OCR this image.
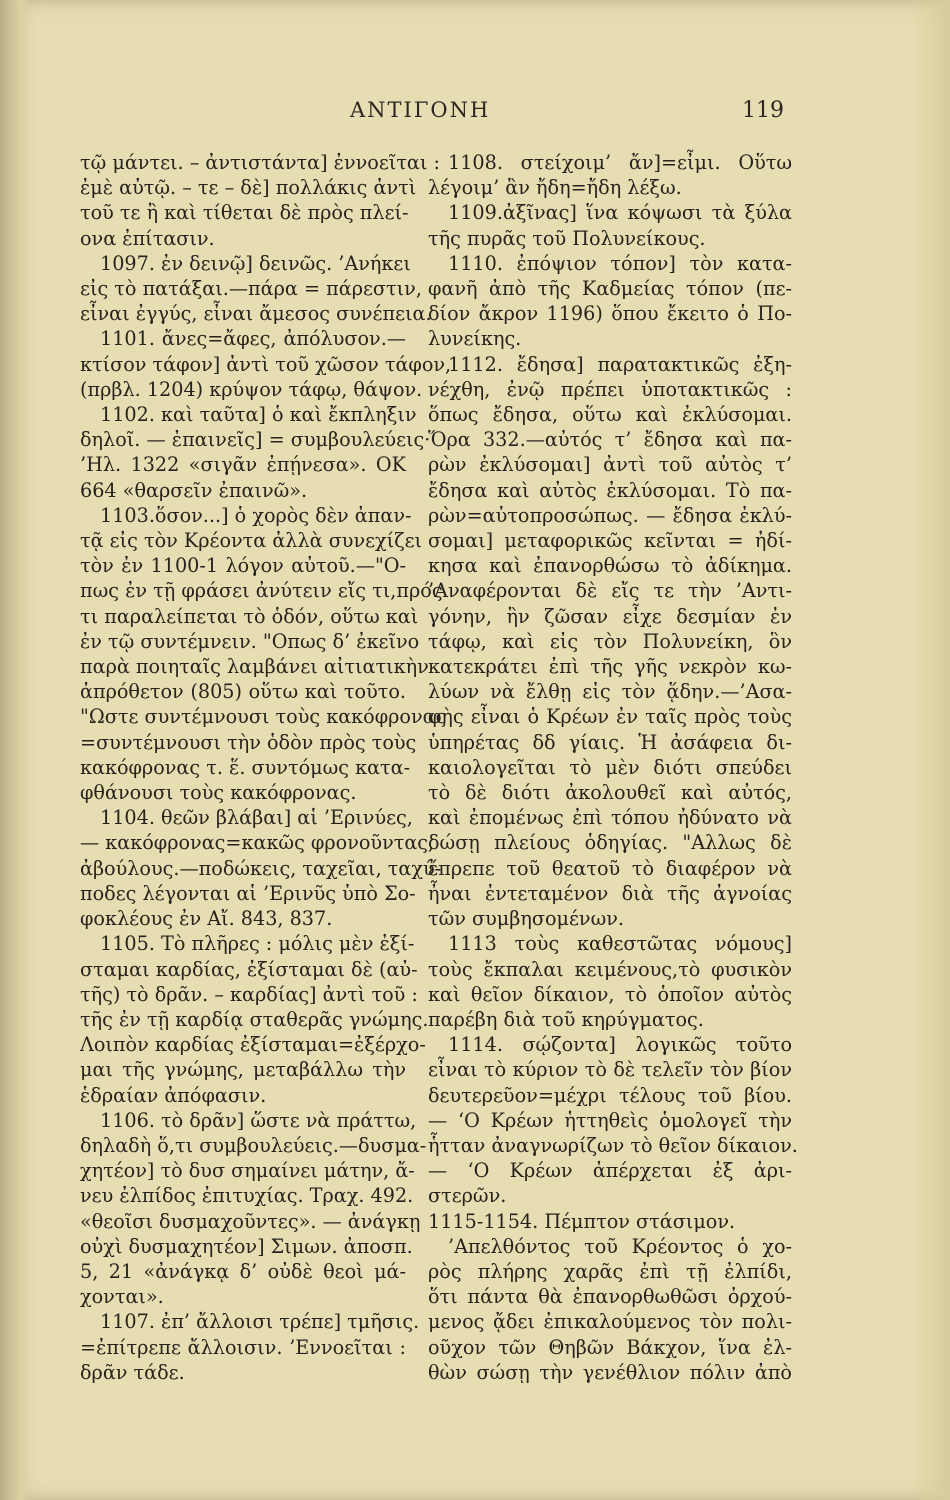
ΑΝΤΙΓΟΝΗ	119
τῷ μάντει. – ἀντιστάντα] ἐννοεῖται :
ἐμὲ αὐτῷ. – τε – δὲ] πολλάκις ἀντὶ
τοῦ τε ἢ καὶ τίθεται δὲ πρὸς πλεί-
ονα ἐπίτασιν.
1097. ἐν δεινῷ] δεινῶς. ’Ανήκει
εἰς τὸ πατάξαι.—πάρα = πάρεστιν,
εἶναι ἐγγύς, εἶναι ἄμεσος συνέπεια.
1101. ἄνες=ἄφες, ἀπόλυσον.—
κτίσον τάφον] ἀντὶ τοῦ χῶσον τάφον,
(πρβλ. 1204) κρύψον τάφῳ, θάψον.
1102. καὶ ταῦτα] ὁ καὶ ἔκπληξιν
δηλοῖ. — ἐπαινεῖς] = συμβουλεύεις·
’Ηλ. 1322 «σιγᾶν ἐπῄνεσα». ΟΚ
664 «θαρσεῖν ἐπαινῶ».
1103.ὅσον...] ὁ χορὸς δὲν ἀπαν-
τᾷ εἰς τὸν Κρέοντα ἀλλὰ συνεχίζει
τὸν ἐν 1100-1 λόγον αὐτοῦ.—"Ο-
πως ἐν τῇ φράσει ἀνύτειν εἴς τι,πρός
τι παραλείπεται τὸ ὁδόν, οὕτω καὶ
ἐν τῷ συντέμνειν. "Οπως δ’ ἐκεῖνο
παρὰ ποιηταῖς λαμβάνει αἰτιατικὴν
ἀπρόθετον (805) οὕτω καὶ τοῦτο.
"Ωστε συντέμνουσι τοὺς κακόφρονας
=συντέμνουσι τὴν ὁδὸν πρὸς τοὺς
κακόφρονας τ. ἕ. συντόμως κατα-
φθάνουσι τοὺς κακόφρονας.
1104. θεῶν βλάβαι] αἱ ’Ερινύες,
— κακόφρονας=κακῶς φρονοῦντας,
ἀβούλους.—ποδώκεις, ταχεῖαι, ταχύ-
ποδες λέγονται αἱ ’Ερινῦς ὑπὸ Σο-
φοκλέους ἐν Αἴ. 843, 837.
1105. Τὸ πλῆρες : μόλις μὲν ἐξί-
σταμαι καρδίας, ἐξίσταμαι δὲ (αὐ-
τῆς) τὸ δρᾶν. – καρδίας] ἀντὶ τοῦ :
τῆς ἐν τῇ καρδίᾳ σταθερᾶς γνώμης.
Λοιπὸν καρδίας ἐξίσταμαι=ἐξέρχο-
μαι τῆς γνώμης, μεταβάλλω τὴν
ἑδραίαν ἀπόφασιν.
1106. τὸ δρᾶν] ὥστε νὰ πράττω,
δηλαδὴ ὅ,τι συμβουλεύεις.—δυσμα-
χητέον] τὸ δυσ σημαίνει μάτην, ἄ-
νευ ἐλπίδος ἐπιτυχίας. Τραχ. 492.
«θεοῖσι δυσμαχοῦντες». — ἀνάγκῃ
οὐχὶ δυσμαχητέον] Σιμων. ἀποσπ.
5, 21 «ἀνάγκᾳ δ’ οὐδὲ θεοὶ μά-
χονται».
1107. ἐπ’ ἄλλοισι τρέπε] τμῆσις.
=ἐπίτρεπε ἄλλοισιν. ’Εννοεῖται :
δρᾶν τάδε.
1108. στείχοιμ’ ἄν]=εἶμι. Οὕτω
λέγοιμ’ ἂν ἤδη=ἤδη λέξω.
1109.ἀξῖνας] ἵνα κόψωσι τὰ ξύλα
τῆς πυρᾶς τοῦ Πολυνείκους.
1110. ἐπόψιον τόπον] τὸν κατα-
φανῆ ἀπὸ τῆς Καδμείας τόπον (πε-
δίον ἄκρον 1196) ὅπου ἔκειτο ὁ Πο-
λυνείκης.
1112. ἔδησα] παρατακτικῶς ἐξη-
νέχθη, ἐνῷ πρέπει ὑποτακτικῶς :
ὅπως ἔδησα, οὕτω καὶ ἐκλύσομαι.
Ὅρα 332.—αὐτός τ’ ἔδησα καὶ πα-
ρὼν ἐκλύσομαι] ἀντὶ τοῦ αὐτὸς τ’
ἔδησα καὶ αὐτὸς ἐκλύσομαι. Τὸ πα-
ρὼν=αὐτοπροσώπως. — ἔδησα ἐκλύ-
σομαι] μεταφορικῶς κεῖνται = ἠδί-
κησα καὶ ἐπανορθώσω τὸ ἀδίκημα.
’Αναφέρονται δὲ εἴς τε τὴν ’Αντι-
γόνην, ἣν ζῶσαν εἶχε δεσμίαν ἐν
τάφῳ, καὶ εἰς τὸν Πολυνείκη, ὃν
κατεκράτει ἐπὶ τῆς γῆς νεκρὸν κω-
λύων νὰ ἔλθῃ εἰς τὸν ᾅδην.—’Ασα-
φὴς εἶναι ὁ Κρέων ἐν ταῖς πρὸς τοὺς
ὑπηρέτας δδ γίαις. Ἡ ἀσάφεια δι-
καιολογεῖται τὸ μὲν διότι σπεύδει
τὸ δὲ διότι ἀκολουθεῖ καὶ αὐτός,
καὶ ἐπομένως ἐπὶ τόπου ἠδύνατο νὰ
δώσῃ πλείους ὁδηγίας. "Αλλως δὲ
ἔπρεπε τοῦ θεατοῦ τὸ διαφέρον νὰ
ἦναι ἐντεταμένον διὰ τῆς ἀγνοίας
τῶν συμβησομένων.
1113 τοὺς καθεστῶτας νόμους]
τοὺς ἔκπαλαι κειμένους,τὸ φυσικὸν
καὶ θεῖον δίκαιον, τὸ ὁποῖον αὐτὸς
παρέβη διὰ τοῦ κηρύγματος.
1114. σῴζοντα] λογικῶς τοῦτο
εἶναι τὸ κύριον τὸ δὲ τελεῖν τὸν βίον
δευτερεῦον=μέχρι τέλους τοῦ βίου.
— ‘Ο Κρέων ἡττηθεὶς ὁμολογεῖ τὴν
ἧτταν ἀναγνωρίζων τὸ θεῖον δίκαιον.
— ‘Ο Κρέων ἀπέρχεται ἐξ ἀρι-
στερῶν.
1115-1154. Πέμπτον στάσιμον.
’Απελθόντος τοῦ Κρέοντος ὁ χο-
ρὸς πλήρης χαρᾶς ἐπὶ τῇ ἐλπίδι,
ὅτι πάντα θὰ ἐπανορθωθῶσι ὀρχού-
μενος ᾄδει ἐπικαλούμενος τὸν πολι-
οῦχον τῶν Θηβῶν Βάκχον, ἵνα ἐλ-
θὼν σώσῃ τὴν γενέθλιον πόλιν ἀπὸ
